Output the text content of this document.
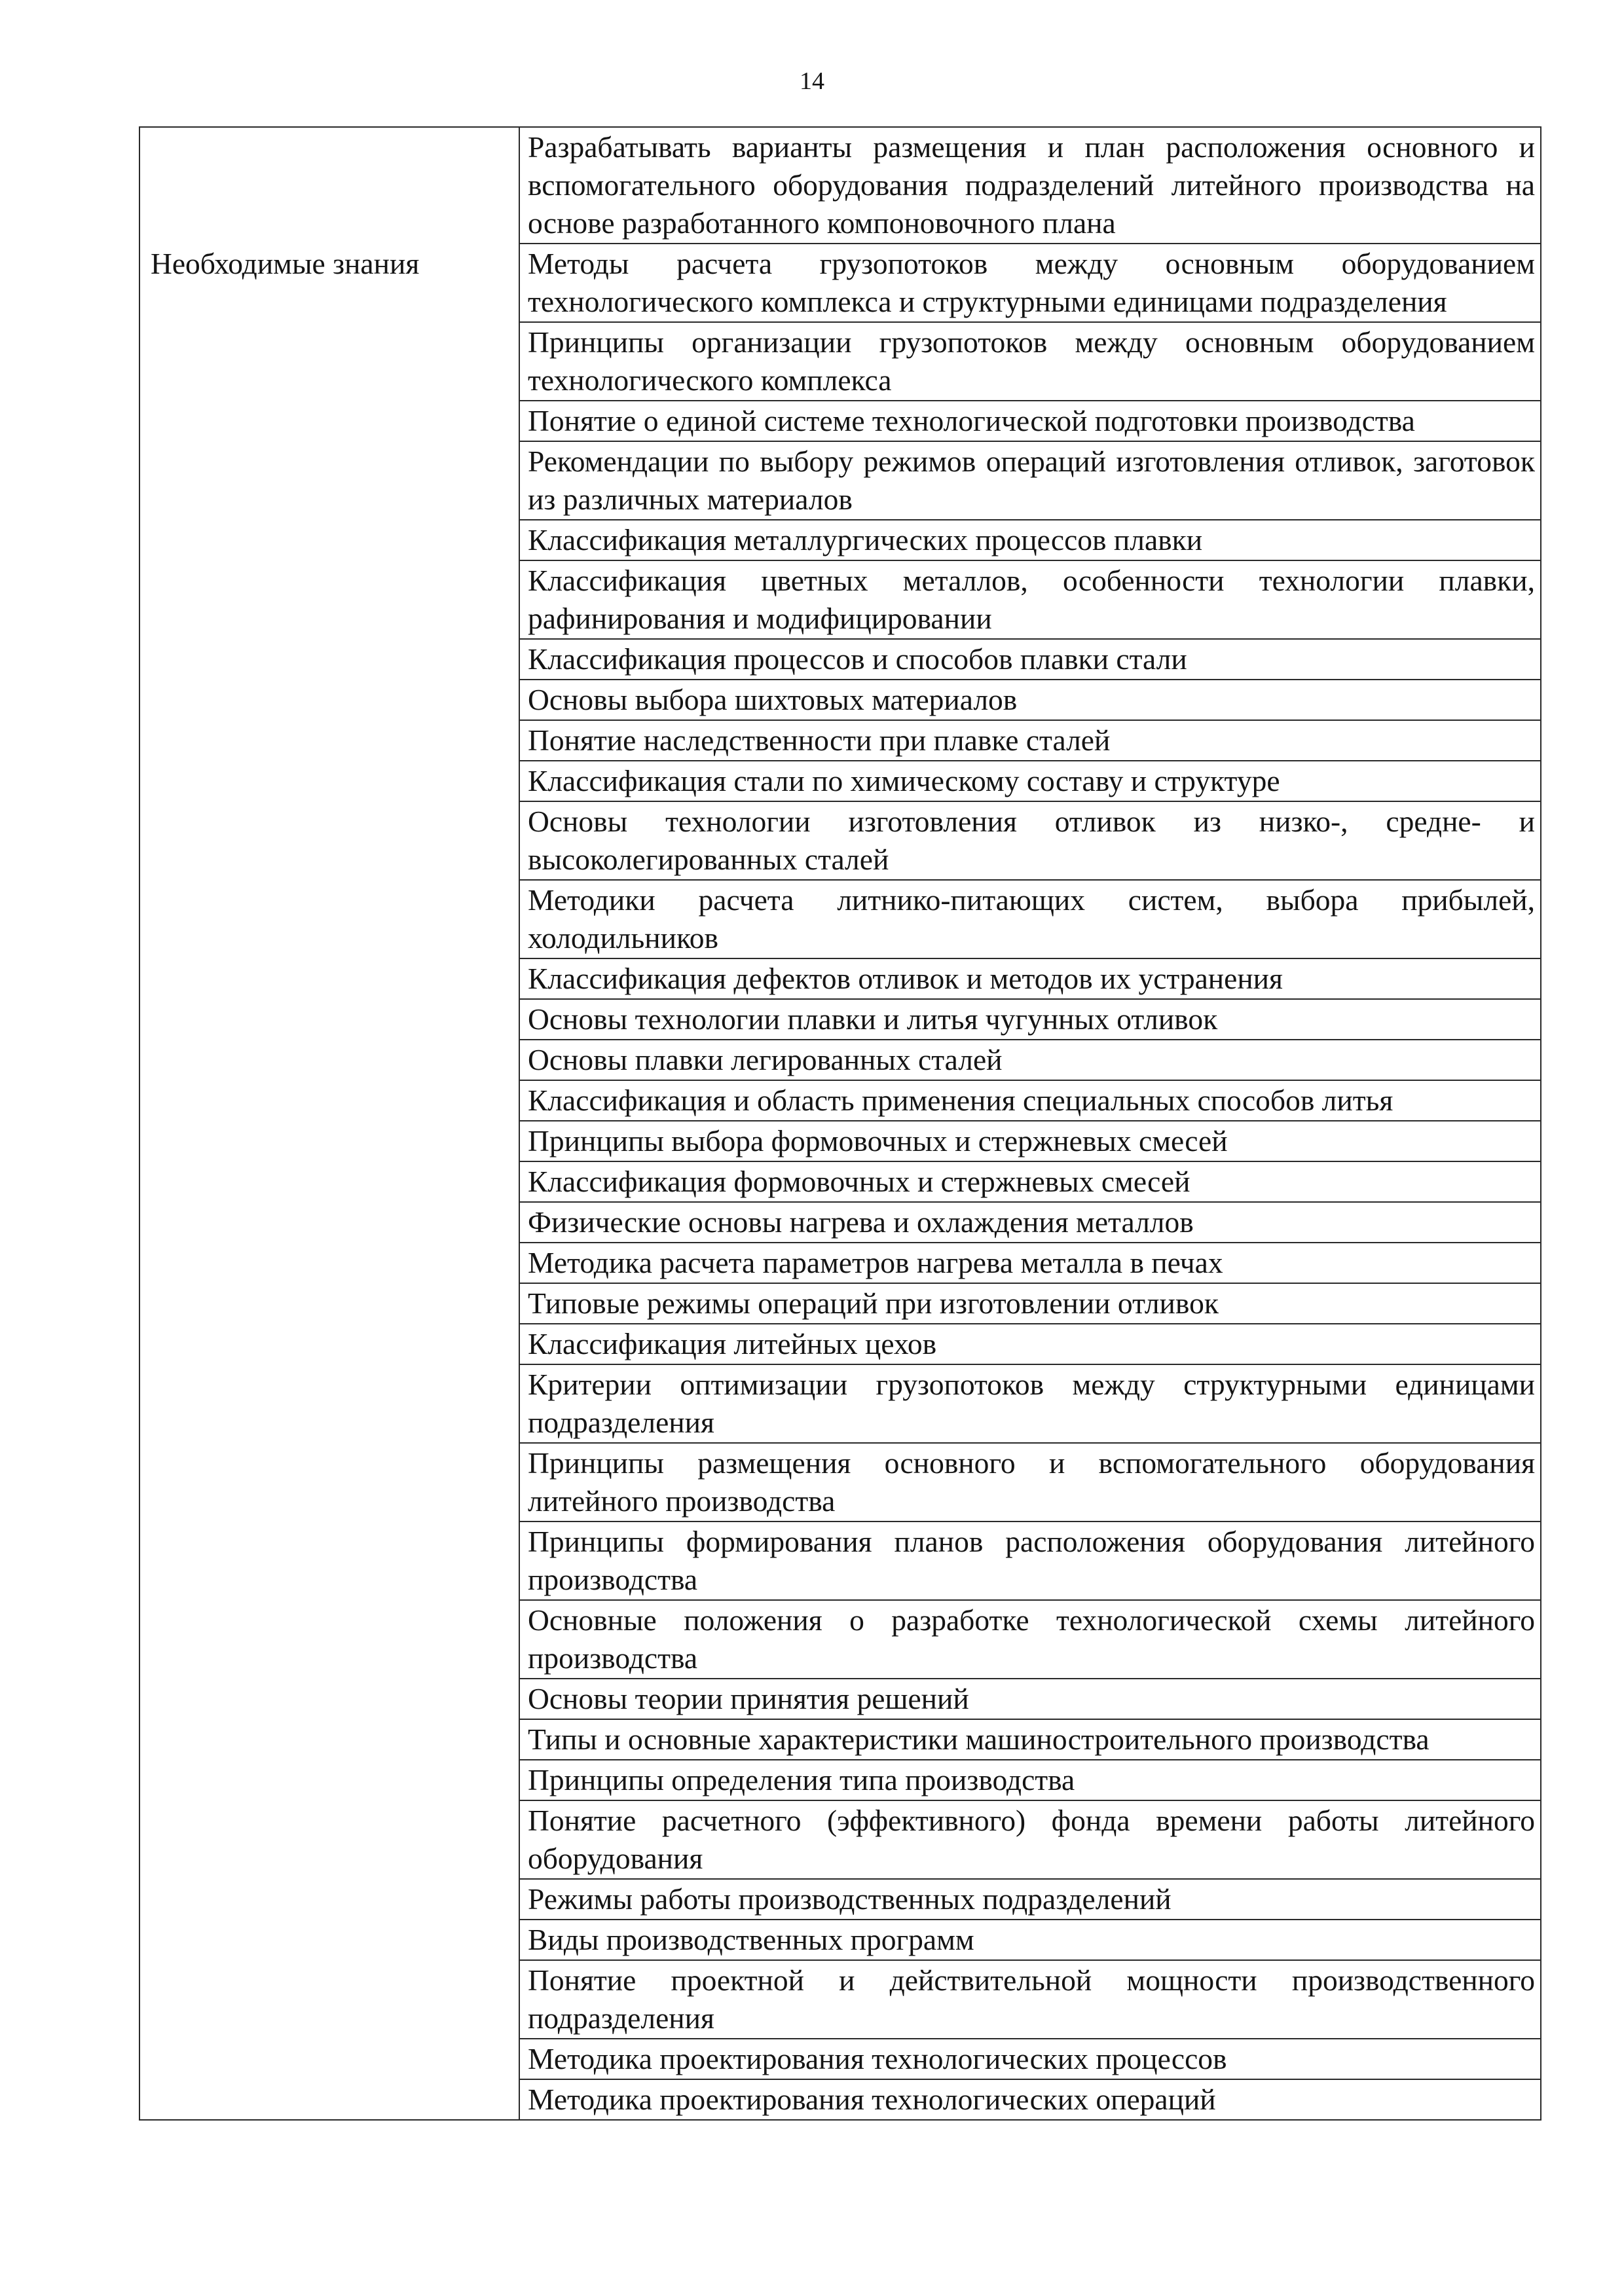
14
	Разрабатывать варианты размещения и план расположения основного и вспомогательного оборудования подразделений литейного производства на основе разработанного компоновочного плана
Необходимые знания	Методы расчета грузопотоков между основным оборудованием технологического комплекса и структурными единицами подразделения
	Принципы организации грузопотоков между основным оборудованием технологического комплекса
	Понятие о единой системе технологической подготовки производства
	Рекомендации по выбору режимов операций изготовления отливок, заготовок из различных материалов
	Классификация металлургических процессов плавки
	Классификация цветных металлов, особенности технологии плавки, рафинирования и модифицировании
	Классификация процессов и способов плавки стали
	Основы выбора шихтовых материалов
	Понятие наследственности при плавке сталей
	Классификация стали по химическому составу и структуре
	Основы технологии изготовления отливок из низко-, средне- и высоколегированных сталей
	Методики расчета литнико-питающих систем, выбора прибылей, холодильников
	Классификация дефектов отливок и методов их устранения
	Основы технологии плавки и литья чугунных отливок
	Основы плавки легированных сталей
	Классификация и область применения специальных способов литья
	Принципы выбора формовочных и стержневых смесей
	Классификация формовочных и стержневых смесей
	Физические основы нагрева и охлаждения металлов
	Методика расчета параметров нагрева металла в печах
	Типовые режимы операций при изготовлении отливок
	Классификация литейных цехов
	Критерии оптимизации грузопотоков между структурными единицами подразделения
	Принципы размещения основного и вспомогательного оборудования литейного производства
	Принципы формирования планов расположения оборудования литейного производства
	Основные положения о разработке технологической схемы литейного производства
	Основы теории принятия решений
	Типы и основные характеристики машиностроительного производства
	Принципы определения типа производства
	Понятие расчетного (эффективного) фонда времени работы литейного оборудования
	Режимы работы производственных подразделений
	Виды производственных программ
	Понятие проектной и действительной мощности производственного подразделения
	Методика проектирования технологических процессов
	Методика проектирования технологических операций
